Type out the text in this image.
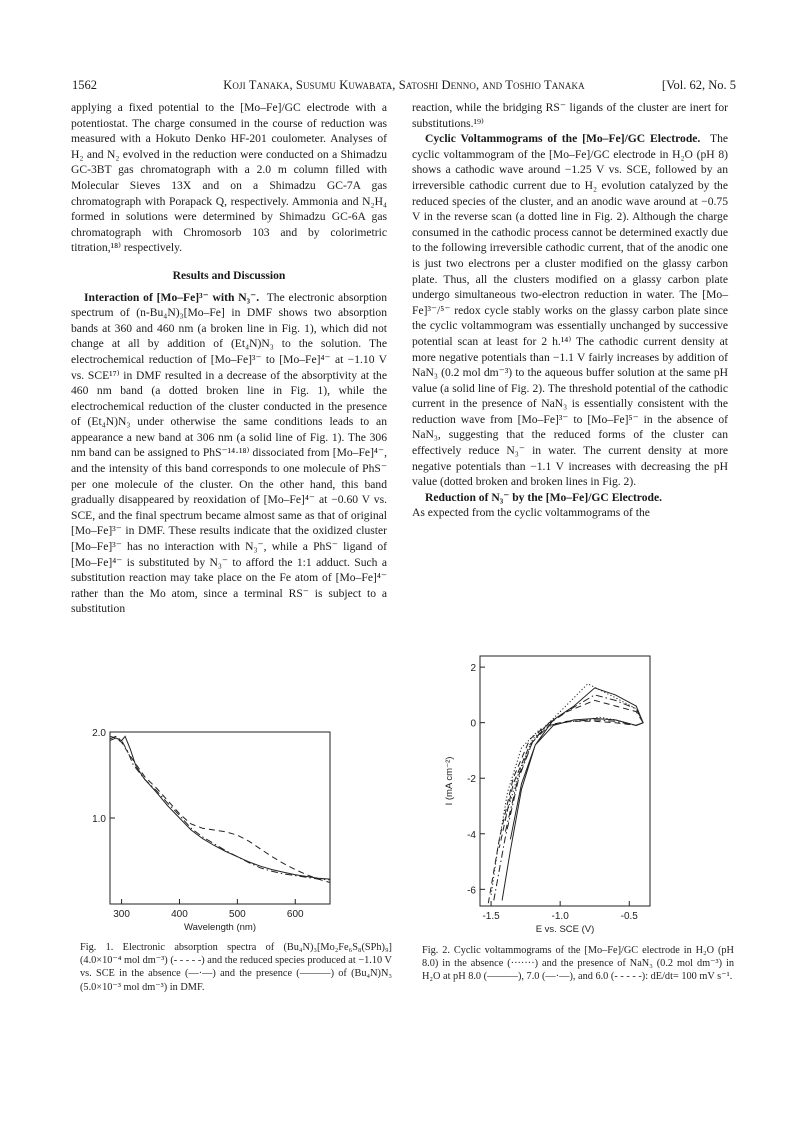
1562	Koji Tanaka, Susumu Kuwabata, Satoshi Denno, and Toshio Tanaka	[Vol. 62, No. 5

applying a fixed potential to the [Mo–Fe]/GC electrode with a potentiostat. The charge consumed in the course of reduction was measured with a Hokuto Denko HF-201 coulometer. Analyses of H₂ and N₂ evolved in the reduction were conducted on a Shimadzu GC-3BT gas chromatograph with a 2.0 m column filled with Molecular Sieves 13X and on a Shimadzu GC-7A gas chromatograph with Porapack Q, respectively. Ammonia and N₂H₄ formed in solutions were determined by Shimadzu GC-6A gas chromatograph with Chromosorb 103 and by colorimetric titration,¹⁸⁾ respectively.

Results and Discussion

Interaction of [Mo–Fe]³⁻ with N₃⁻. The electronic absorption spectrum of (n-Bu₄N)₃[Mo–Fe] in DMF shows two absorption bands at 360 and 460 nm (a broken line in Fig. 1), which did not change at all by addition of (Et₄N)N₃ to the solution. The electrochemical reduction of [Mo–Fe]³⁻ to [Mo–Fe]⁴⁻ at −1.10 V vs. SCE¹⁷⁾ in DMF resulted in a decrease of the absorptivity at the 460 nm band (a dotted broken line in Fig. 1), while the electrochemical reduction of the cluster conducted in the presence of (Et₄N)N₃ under otherwise the same conditions leads to an appearance a new band at 306 nm (a solid line of Fig. 1). The 306 nm band can be assigned to PhS⁻¹⁴·¹⁸⁾ dissociated from [Mo–Fe]⁴⁻, and the intensity of this band corresponds to one molecule of PhS⁻ per one molecule of the cluster. On the other hand, this band gradually disappeared by reoxidation of [Mo–Fe]⁴⁻ at −0.60 V vs. SCE, and the final spectrum became almost same as that of original [Mo–Fe]³⁻ in DMF. These results indicate that the oxidized cluster [Mo–Fe]³⁻ has no interaction with N₃⁻, while a PhS⁻ ligand of [Mo–Fe]⁴⁻ is substituted by N₃⁻ to afford the 1:1 adduct. Such a substitution reaction may take place on the Fe atom of [Mo–Fe]⁴⁻ rather than the Mo atom, since a terminal RS⁻ is subject to a substitution

reaction, while the bridging RS⁻ ligands of the cluster are inert for substitutions.¹⁹⁾

Cyclic Voltammograms of the [Mo–Fe]/GC Electrode. The cyclic voltammogram of the [Mo–Fe]/GC electrode in H₂O (pH 8) shows a cathodic wave around −1.25 V vs. SCE, followed by an irreversible cathodic current due to H₂ evolution catalyzed by the reduced species of the cluster, and an anodic wave around at −0.75 V in the reverse scan (a dotted line in Fig. 2). Although the charge consumed in the cathodic process cannot be determined exactly due to the following irreversible cathodic current, that of the anodic one is just two electrons per a cluster modified on the glassy carbon plate. Thus, all the clusters modified on a glassy carbon plate undergo simultaneous two-electron reduction in water. The [Mo–Fe]³⁻/⁵⁻ redox cycle stably works on the glassy carbon plate since the cyclic voltammogram was essentially unchanged by successive potential scan at least for 2 h.¹⁴⁾ The cathodic current density at more negative potentials than −1.1 V fairly increases by addition of NaN₃ (0.2 mol dm⁻³) to the aqueous buffer solution at the same pH value (a solid line of Fig. 2). The threshold potential of the cathodic current in the presence of NaN₃ is essentially consistent with the reduction wave from [Mo–Fe]³⁻ to [Mo–Fe]⁵⁻ in the absence of NaN₃, suggesting that the reduced forms of the cluster can effectively reduce N₃⁻ in water. The current density at more negative potentials than −1.1 V increases with decreasing the pH value (dotted broken and broken lines in Fig. 2).

Reduction of N₃⁻ by the [Mo–Fe]/GC Electrode.

As expected from the cyclic voltammograms of the

300	400	500	600
1.0
2.0
Wavelength (nm)
Fig. 1. Electronic absorption spectra of (Bu₄N)₃[Mo₂Fe₆S₈(SPh)₉] (4.0×10⁻⁴ mol dm⁻³) (- - - - -) and the reduced species produced at −1.10 V vs. SCE in the absence (—·—) and the presence (———) of (Bu₄N)N₃ (5.0×10⁻³ mol dm⁻³) in DMF.
-1.5	-1.0	-0.5
2
0
-2
-4
-6
E vs. SCE (V)
I (mA cm⁻²)
Fig. 2. Cyclic voltammograms of the [Mo–Fe]/GC electrode in H₂O (pH 8.0) in the absence (·······) and the presence of NaN₃ (0.2 mol dm⁻³) in H₂O at pH 8.0 (———), 7.0 (—·—), and 6.0 (- - - - -): dE/dt= 100 mV s⁻¹.
